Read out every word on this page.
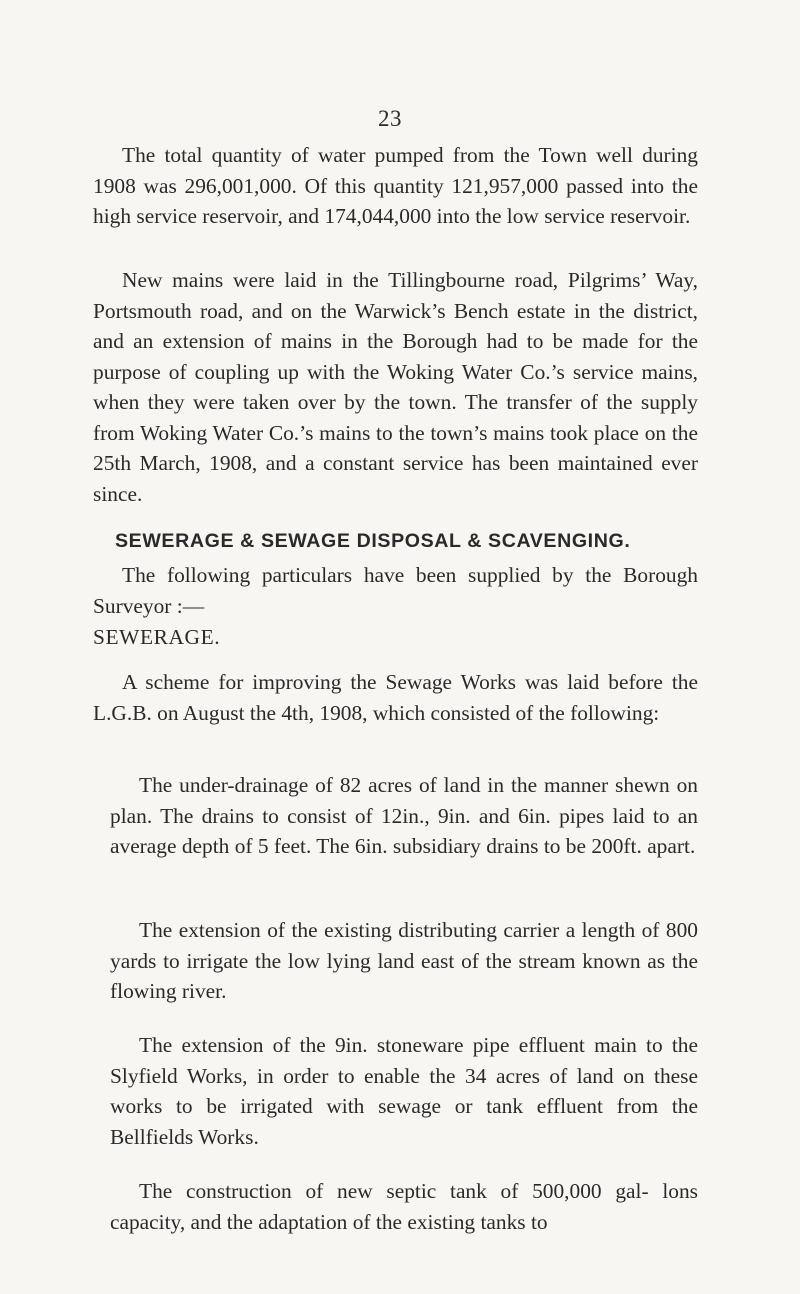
23

The total quantity of water pumped from the Town well during 1908 was 296,001,000. Of this quantity 121,957,000 passed into the high service reservoir, and 174,044,000 into the low service reservoir.

New mains were laid in the Tillingbourne road, Pilgrims’ Way, Portsmouth road, and on the Warwick’s Bench estate in the district, and an extension of mains in the Borough had to be made for the purpose of coupling up with the Woking Water Co.’s service mains, when they were taken over by the town. The transfer of the supply from Woking Water Co.’s mains to the town’s mains took place on the 25th March, 1908, and a constant service has been maintained ever since.

SEWERAGE & SEWAGE DISPOSAL & SCAVENGING.

The following particulars have been supplied by the Borough Surveyor :—

SEWERAGE.

A scheme for improving the Sewage Works was laid before the L.G.B. on August the 4th, 1908, which consisted of the following:

The under-drainage of 82 acres of land in the manner shewn on plan. The drains to consist of 12in., 9in. and 6in. pipes laid to an average depth of 5 feet. The 6in. subsidiary drains to be 200ft. apart.

The extension of the existing distributing carrier a length of 800 yards to irrigate the low lying land east of the stream known as the flowing river.

The extension of the 9in. stoneware pipe effluent main to the Slyfield Works, in order to enable the 34 acres of land on these works to be irrigated with sewage or tank effluent from the Bellfields Works.

The construction of new septic tank of 500,000 gal- lons capacity, and the adaptation of the existing tanks to
